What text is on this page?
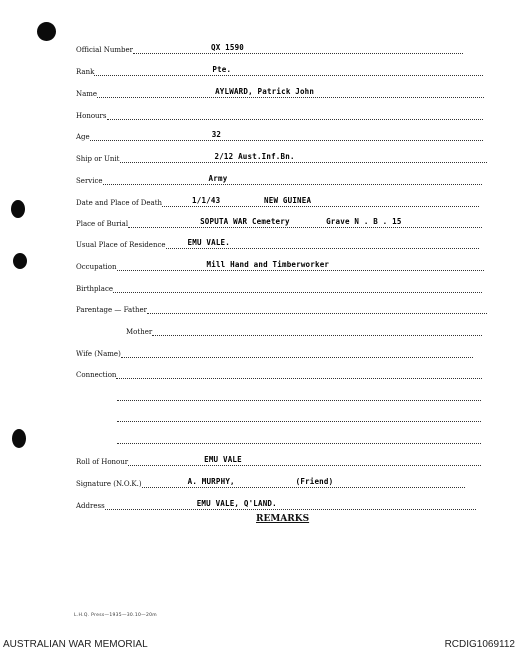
Official Number	QX 1590
Rank	Pte.
Name	AYLWARD, Patrick John
Honours
Age	32
Ship or Unit	2/12 Aust.Inf.Bn.
Service	Army
Date and Place of Death	1/1/43	NEW GUINEA
Place of Burial	SOPUTA WAR Cemetery	Grave N . B . 15
Usual Place of Residence	EMU VALE.
Occupation	Mill Hand and Timberworker
Birthplace
Parentage — Father
Mother
Wife (Name)
Connection
Roll of Honour	EMU VALE
Signature (N.O.K.)	A. MURPHY,	(Friend)
Address	EMU VALE, Q'LAND.
REMARKS
L.H.Q. Press—1935—30.10—20m
AUSTRALIAN WAR MEMORIAL	RCDIG1069112
